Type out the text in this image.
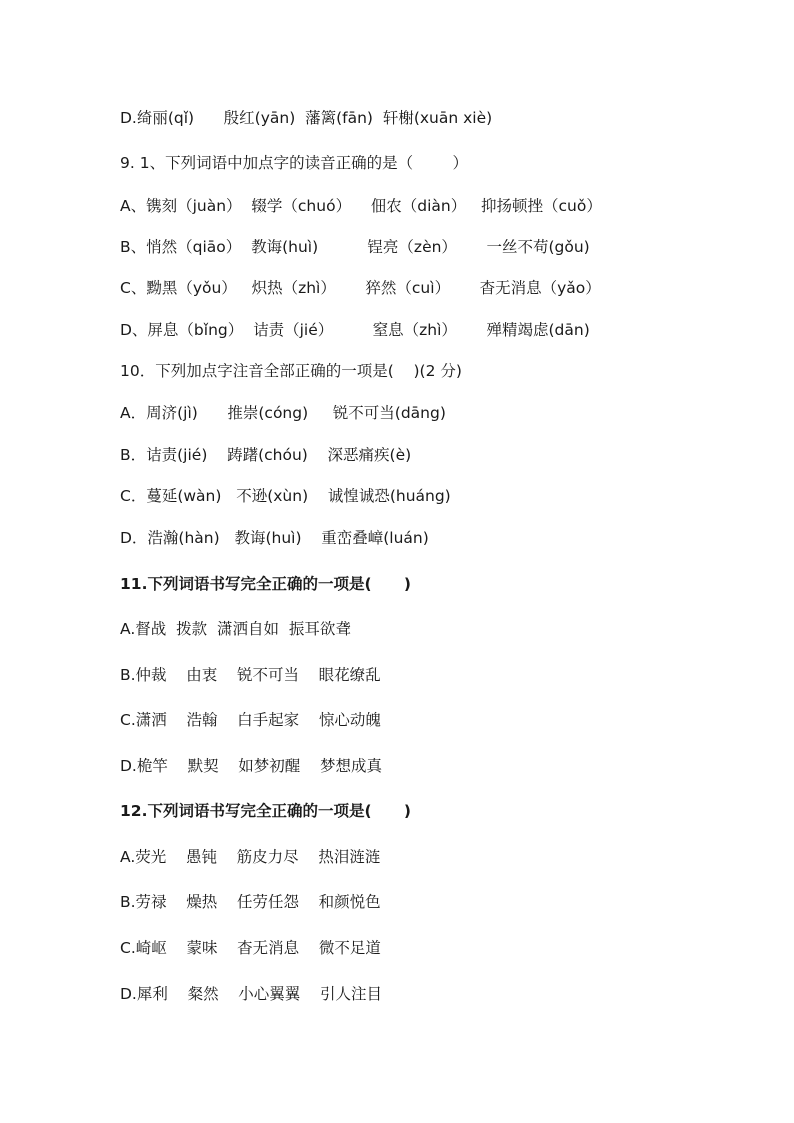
D.绮丽(qǐ)      殷红(yān)  藩篱(fān)  轩榭(xuān xiè)
9. 1、下列词语中加点字的读音正确的是（        ）
A、镌刻（juàn）  辍学（chuó）    佃农（diàn）   抑扬顿挫（cuǒ）
B、悄然（qiāo）  教诲(huì)          锃亮（zèn）      一丝不苟(gǒu)
C、黝黑（yǒu）   炽热（zhì）      猝然（cuì）      杳无消息（yǎo）
D、屏息（bǐng）  诘责（jié）        窒息（zhì）      殚精竭虑(dān)
10．下列加点字注音全部正确的一项是(    )(2 分)
A．周济(jì)      推崇(cóng)     锐不可当(dāng)
B．诘责(jié)    踌躇(chóu)    深恶痛疾(è)
C．蔓延(wàn)   不逊(xùn)    诚惶诚恐(huáng)
D．浩瀚(hàn)   教诲(huì)    重峦叠嶂(luán)
11.下列词语书写完全正确的一项是(      )
A.督战  拨款  潇洒自如  振耳欲聋
B.仲裁    由衷    锐不可当    眼花缭乱
C.潇洒    浩翰    白手起家    惊心动魄
D.桅竿    默契    如梦初醒    梦想成真
12.下列词语书写完全正确的一项是(      )
A.荧光    愚钝    筋皮力尽    热泪涟涟
B.劳禄    燥热    任劳任怨    和颜悦色
C.崎岖    蒙味    杳无消息    微不足道
D.犀利    粲然    小心翼翼    引人注目
